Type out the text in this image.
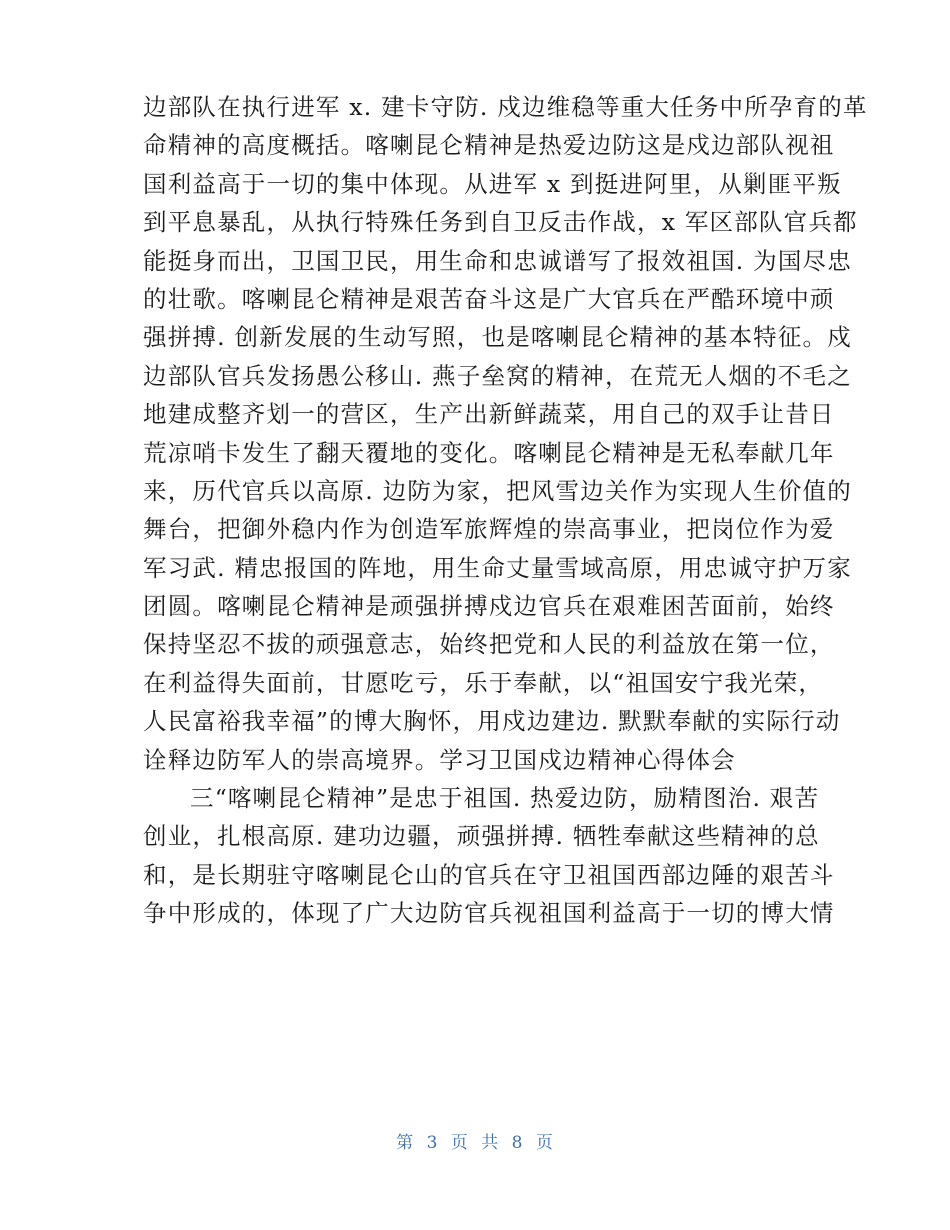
边部队在执行进军 x. 建卡守防. 戍边维稳等重大任务中所孕育的革
命精神的高度概括。喀喇昆仑精神是热爱边防这是戍边部队视祖
国利益高于一切的集中体现。从进军 x 到挺进阿里，从剿匪平叛
到平息暴乱，从执行特殊任务到自卫反击作战，x 军区部队官兵都
能挺身而出，卫国卫民，用生命和忠诚谱写了报效祖国. 为国尽忠
的壮歌。喀喇昆仑精神是艰苦奋斗这是广大官兵在严酷环境中顽
强拼搏. 创新发展的生动写照，也是喀喇昆仑精神的基本特征。戍
边部队官兵发扬愚公移山. 燕子垒窝的精神，在荒无人烟的不毛之
地建成整齐划一的营区，生产出新鲜蔬菜，用自己的双手让昔日
荒凉哨卡发生了翻天覆地的变化。喀喇昆仑精神是无私奉献几年
来，历代官兵以高原. 边防为家，把风雪边关作为实现人生价值的
舞台，把御外稳内作为创造军旅辉煌的崇高事业，把岗位作为爱
军习武. 精忠报国的阵地，用生命丈量雪域高原，用忠诚守护万家
团圆。喀喇昆仑精神是顽强拼搏戍边官兵在艰难困苦面前，始终
保持坚忍不拔的顽强意志，始终把党和人民的利益放在第一位，
在利益得失面前，甘愿吃亏，乐于奉献，以“祖国安宁我光荣，
人民富裕我幸福”的博大胸怀，用戍边建边. 默默奉献的实际行动
诠释边防军人的崇高境界。学习卫国戍边精神心得体会
三“喀喇昆仑精神”是忠于祖国. 热爱边防，励精图治. 艰苦
创业，扎根高原. 建功边疆，顽强拼搏. 牺牲奉献这些精神的总
和，是长期驻守喀喇昆仑山的官兵在守卫祖国西部边陲的艰苦斗
争中形成的，体现了广大边防官兵视祖国利益高于一切的博大情
第 3 页 共 8 页
